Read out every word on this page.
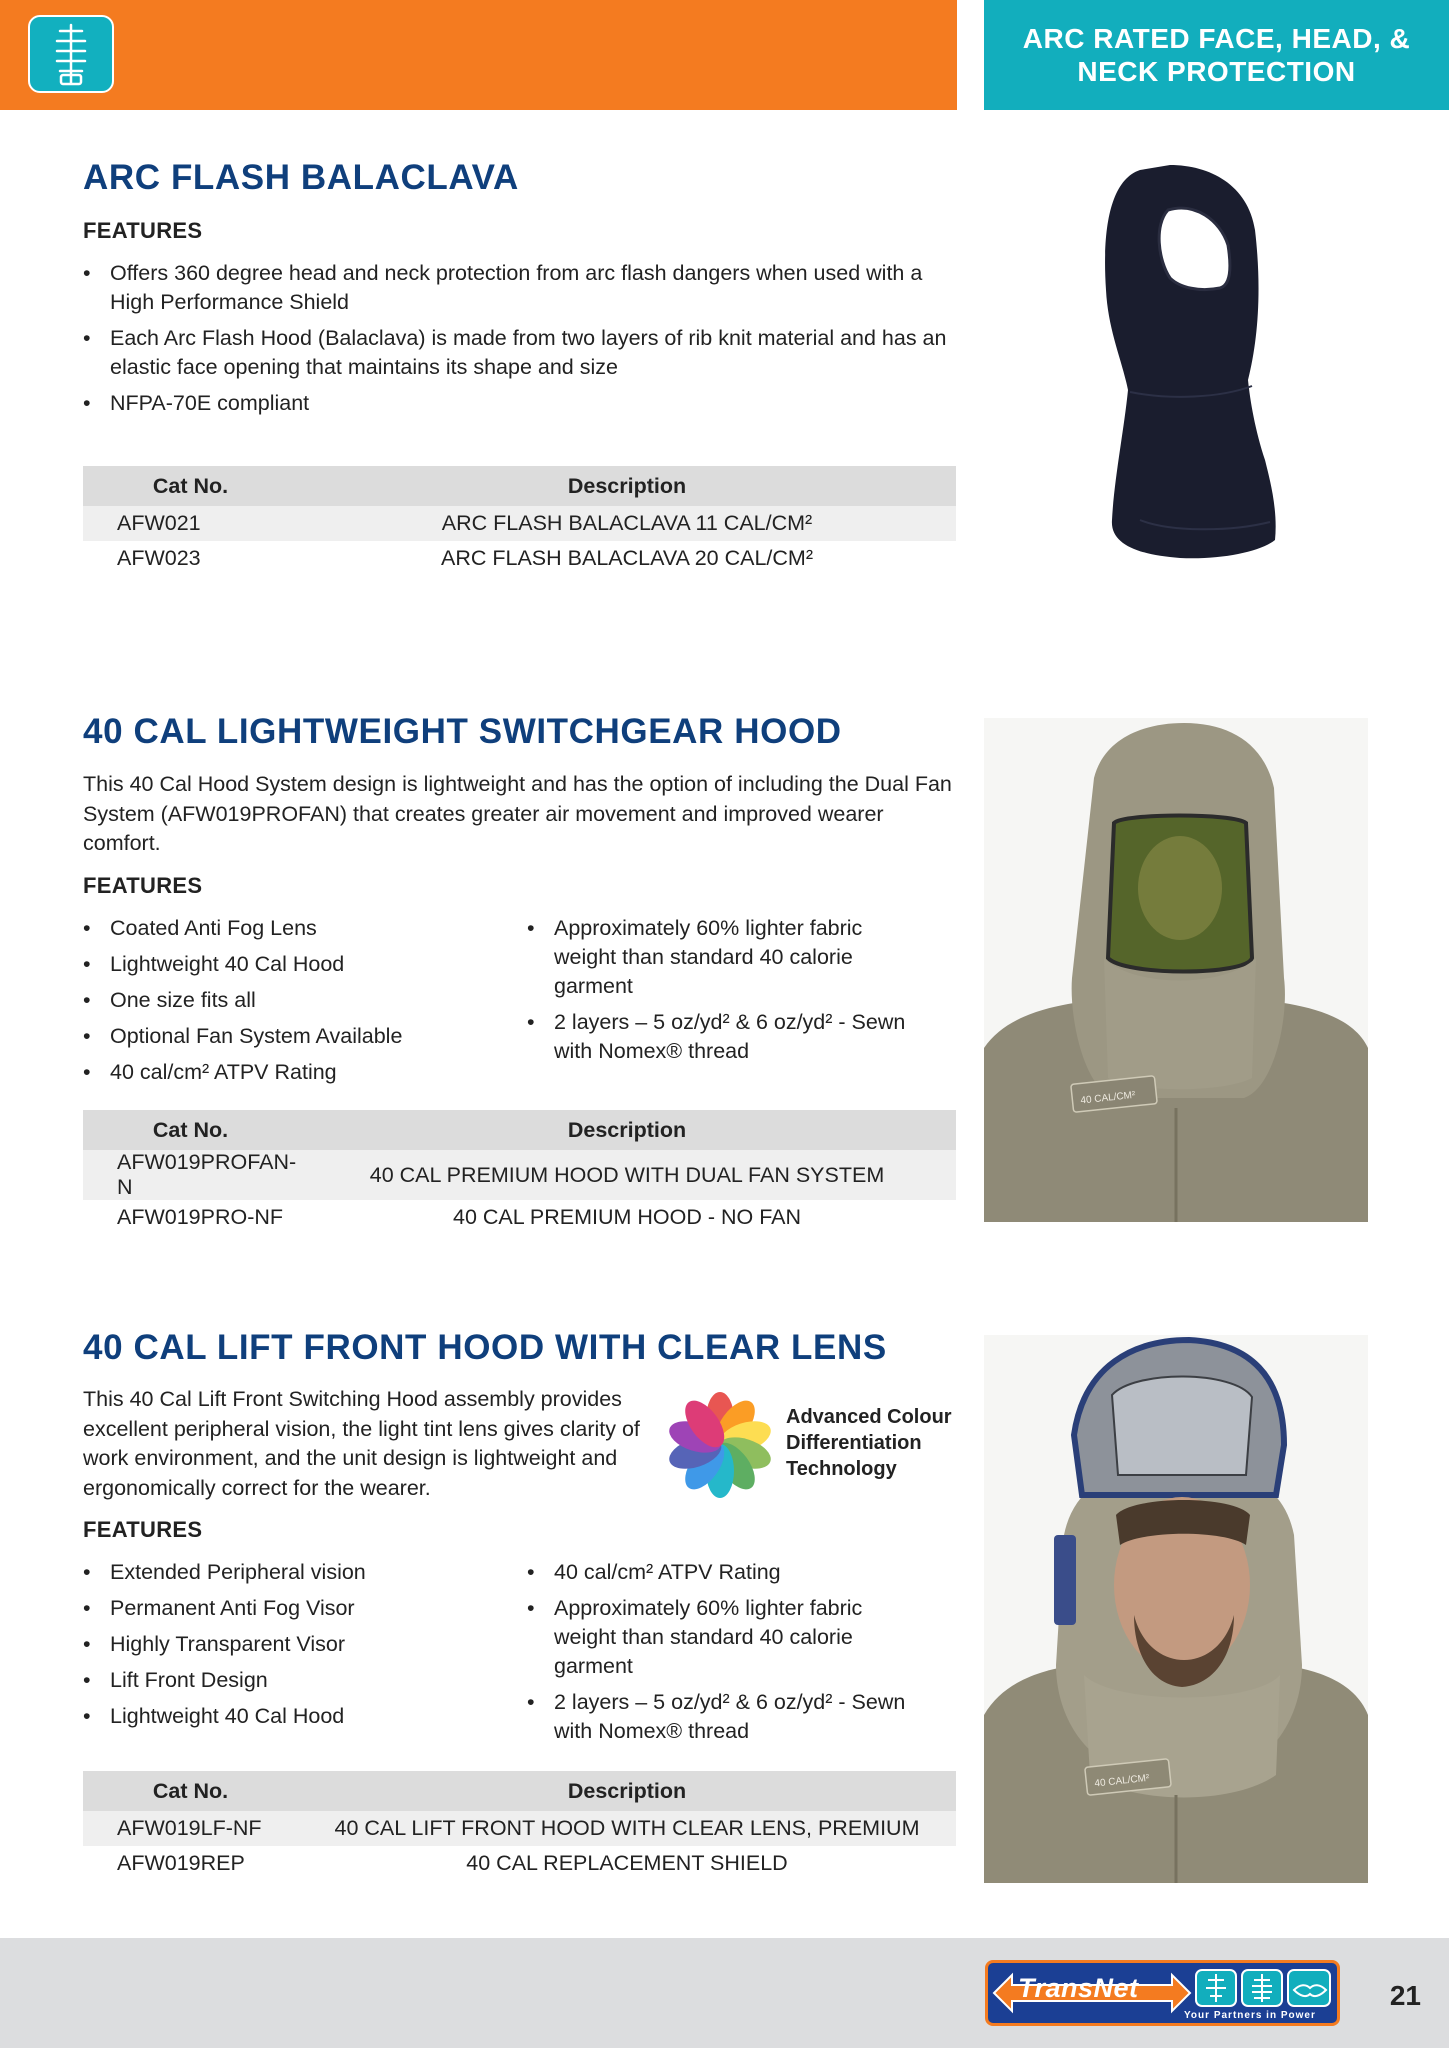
ARC RATED FACE, HEAD, &
NECK PROTECTION
ARC FLASH BALACLAVA
FEATURES
• Offers 360 degree head and neck protection from arc flash dangers when used with a High Performance Shield
• Each Arc Flash Hood (Balaclava) is made from two layers of rib knit material and has an elastic face opening that maintains its shape and size
• NFPA-70E compliant
Cat No.	Description
AFW021	ARC FLASH BALACLAVA 11 CAL/CM²
AFW023	ARC FLASH BALACLAVA 20 CAL/CM²
40 CAL LIGHTWEIGHT SWITCHGEAR HOOD
This 40 Cal Hood System design is lightweight and has the option of including the Dual Fan System (AFW019PROFAN) that creates greater air movement and improved wearer comfort.
FEATURES
• Coated Anti Fog Lens
• Lightweight 40 Cal Hood
• One size fits all
• Optional Fan System Available
• 40 cal/cm² ATPV Rating
• Approximately 60% lighter fabric weight than standard 40 calorie garment
• 2 layers – 5 oz/yd² & 6 oz/yd² - Sewn with Nomex® thread
Cat No.	Description
AFW019PROFAN-N	40 CAL PREMIUM HOOD WITH DUAL FAN SYSTEM
AFW019PRO-NF	40 CAL PREMIUM HOOD - NO FAN
40 CAL/CM²
40 CAL LIFT FRONT HOOD WITH CLEAR LENS
This 40 Cal Lift Front Switching Hood assembly provides excellent peripheral vision, the light tint lens gives clarity of work environment, and the unit design is lightweight and ergonomically correct for the wearer.
Advanced Colour
Differentiation
Technology
FEATURES
• Extended Peripheral vision
• Permanent Anti Fog Visor
• Highly Transparent Visor
• Lift Front Design
• Lightweight 40 Cal Hood
• 40 cal/cm² ATPV Rating
• Approximately 60% lighter fabric weight than standard 40 calorie garment
• 2 layers – 5 oz/yd² & 6 oz/yd² - Sewn with Nomex® thread
Cat No.	Description
AFW019LF-NF	40 CAL LIFT FRONT HOOD WITH CLEAR LENS, PREMIUM
AFW019REP	40 CAL REPLACEMENT SHIELD
40 CAL/CM²
TransNet
Your Partners in Power
21
